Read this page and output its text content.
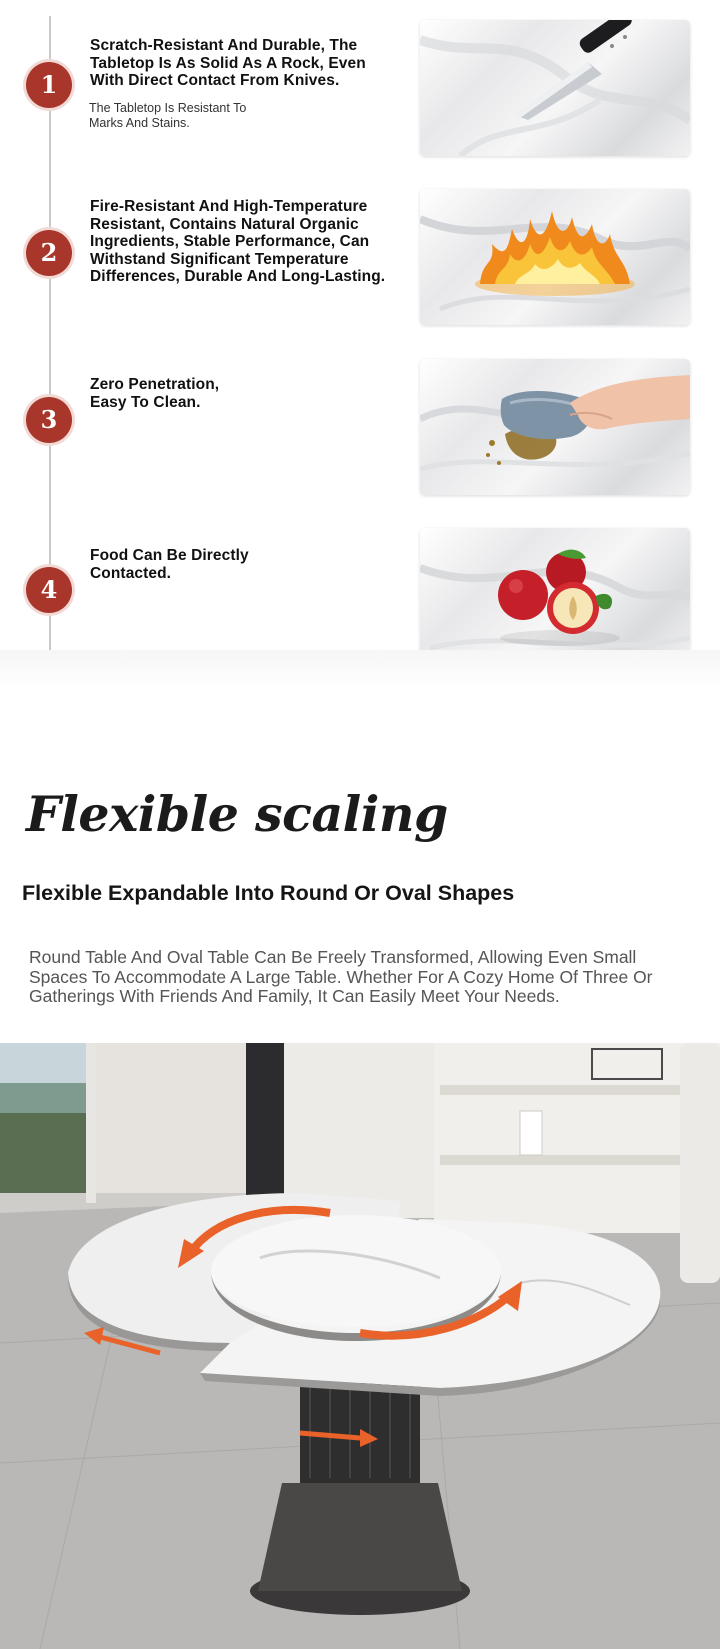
1
Scratch-Resistant And Durable, The Tabletop Is As Solid As A Rock, Even With Direct Contact From Knives.
The Tabletop Is Resistant To Marks And Stains.
2
Fire-Resistant And High-Temperature Resistant, Contains Natural Organic Ingredients, Stable Performance, Can Withstand Significant Temperature Differences, Durable And Long-Lasting.
3
Zero Penetration, Easy To Clean.
4
Food Can Be Directly Contacted.
Flexible scaling
Flexible Expandable Into Round Or Oval Shapes
Round Table And Oval Table Can Be Freely Transformed, Allowing Even Small Spaces To Accommodate A Large Table. Whether For A Cozy Home Of Three Or Gatherings With Friends And Family, It Can Easily Meet Your Needs.
